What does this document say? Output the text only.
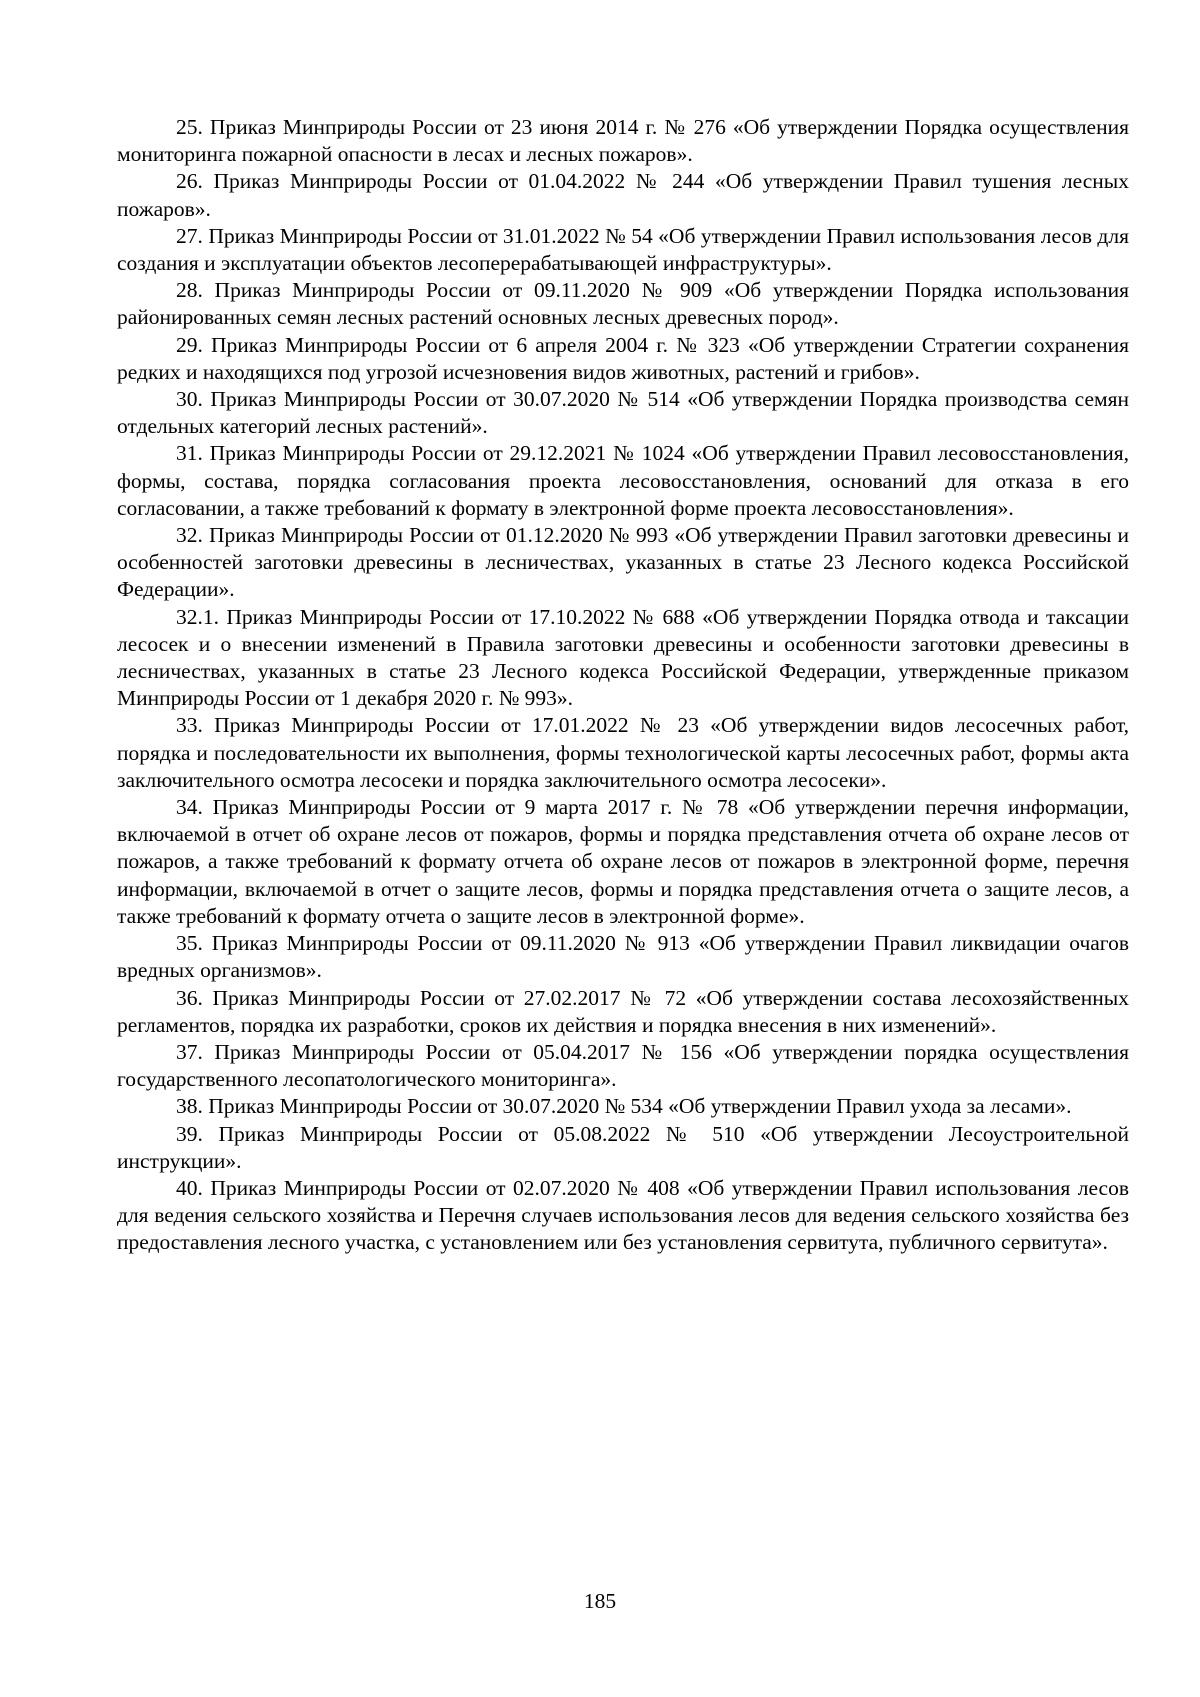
25. Приказ Минприроды России от 23 июня 2014 г. № 276 «Об утверждении Порядка осуществления мониторинга пожарной опасности в лесах и лесных пожаров».

26. Приказ Минприроды России от 01.04.2022 № 244 «Об утверждении Правил тушения лесных пожаров».

27. Приказ Минприроды России от 31.01.2022 № 54 «Об утверждении Правил использования лесов для создания и эксплуатации объектов лесоперерабатывающей инфраструктуры».

28. Приказ Минприроды России от 09.11.2020 № 909 «Об утверждении Порядка использования районированных семян лесных растений основных лесных древесных пород».

29. Приказ Минприроды России от 6 апреля 2004 г. № 323 «Об утверждении Стратегии сохранения редких и находящихся под угрозой исчезновения видов животных, растений и грибов».

30. Приказ Минприроды России от 30.07.2020 № 514 «Об утверждении Порядка производства семян отдельных категорий лесных растений».

31. Приказ Минприроды России от 29.12.2021 № 1024 «Об утверждении Правил лесовосстановления, формы, состава, порядка согласования проекта лесовосстановления, оснований для отказа в его согласовании, а также требований к формату в электронной форме проекта лесовосстановления».

32. Приказ Минприроды России от 01.12.2020 № 993 «Об утверждении Правил заготовки древесины и особенностей заготовки древесины в лесничествах, указанных в статье 23 Лесного кодекса Российской Федерации».

32.1. Приказ Минприроды России от 17.10.2022 № 688 «Об утверждении Порядка отвода и таксации лесосек и о внесении изменений в Правила заготовки древесины и особенности заготовки древесины в лесничествах, указанных в статье 23 Лесного кодекса Российской Федерации, утвержденные приказом Минприроды России от 1 декабря 2020 г. № 993».

33. Приказ Минприроды России от 17.01.2022 № 23 «Об утверждении видов лесосечных работ, порядка и последовательности их выполнения, формы технологической карты лесосечных работ, формы акта заключительного осмотра лесосеки и порядка заключительного осмотра лесосеки».

34. Приказ Минприроды России от 9 марта 2017 г. № 78 «Об утверждении перечня информации, включаемой в отчет об охране лесов от пожаров, формы и порядка представления отчета об охране лесов от пожаров, а также требований к формату отчета об охране лесов от пожаров в электронной форме, перечня информации, включаемой в отчет о защите лесов, формы и порядка представления отчета о защите лесов, а также требований к формату отчета о защите лесов в электронной форме».

35. Приказ Минприроды России от 09.11.2020 № 913 «Об утверждении Правил ликвидации очагов вредных организмов».

36. Приказ Минприроды России от 27.02.2017 № 72 «Об утверждении состава лесохозяйственных регламентов, порядка их разработки, сроков их действия и порядка внесения в них изменений».

37. Приказ Минприроды России от 05.04.2017 № 156 «Об утверждении порядка осуществления государственного лесопатологического мониторинга».

38. Приказ Минприроды России от 30.07.2020 № 534 «Об утверждении Правил ухода за лесами».

39. Приказ Минприроды России от 05.08.2022 № 510 «Об утверждении Лесоустроительной инструкции».

40. Приказ Минприроды России от 02.07.2020 № 408 «Об утверждении Правил использования лесов для ведения сельского хозяйства и Перечня случаев использования лесов для ведения сельского хозяйства без предоставления лесного участка, с установлением или без установления сервитута, публичного сервитута».

185
